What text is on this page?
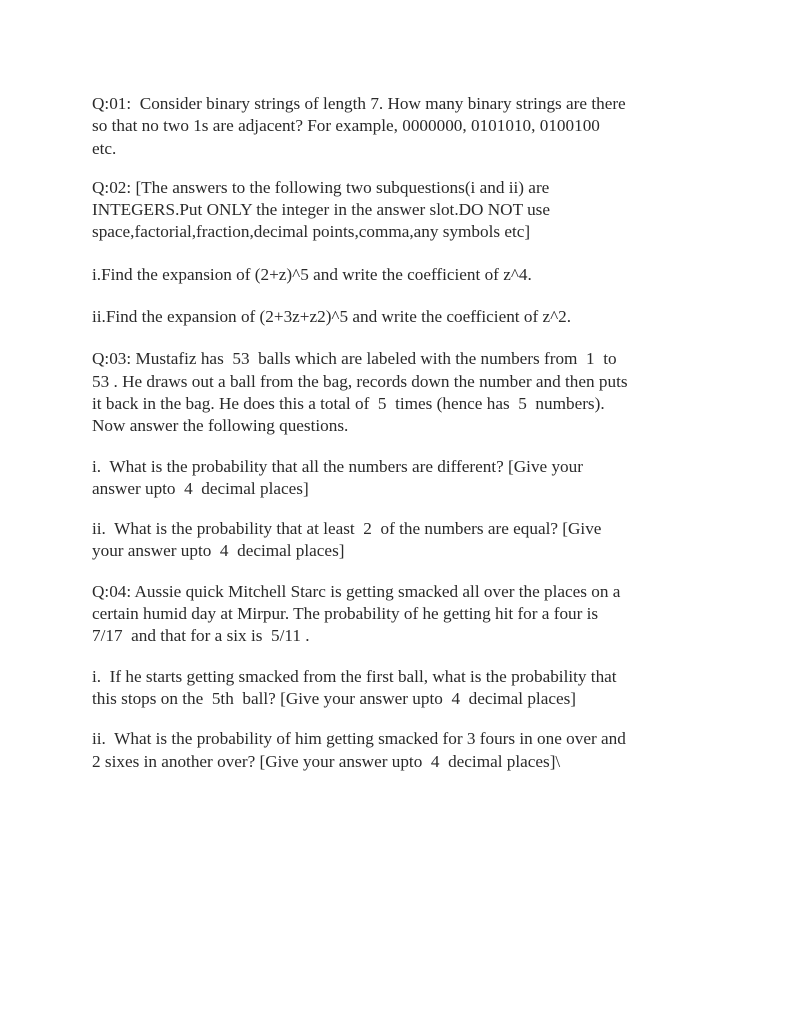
Q:01:  Consider binary strings of length 7. How many binary strings are there
so that no two 1s are adjacent? For example, 0000000, 0101010, 0100100
etc.
Q:02: [The answers to the following two subquestions(i and ii) are
INTEGERS.Put ONLY the integer in the answer slot.DO NOT use
space,factorial,fraction,decimal points,comma,any symbols etc]
i.Find the expansion of (2+z)^5 and write the coefficient of z^4.
ii.Find the expansion of (2+3z+z2)^5 and write the coefficient of z^2.
Q:03: Mustafiz has  53  balls which are labeled with the numbers from  1  to
53 . He draws out a ball from the bag, records down the number and then puts
it back in the bag. He does this a total of  5  times (hence has  5  numbers).
Now answer the following questions.
i.  What is the probability that all the numbers are different? [Give your
answer upto  4  decimal places]
ii.  What is the probability that at least  2  of the numbers are equal? [Give
your answer upto  4  decimal places]
Q:04: Aussie quick Mitchell Starc is getting smacked all over the places on a
certain humid day at Mirpur. The probability of he getting hit for a four is
7/17  and that for a six is  5/11 .
i.  If he starts getting smacked from the first ball, what is the probability that
this stops on the  5th  ball? [Give your answer upto  4  decimal places]
ii.  What is the probability of him getting smacked for 3 fours in one over and
2 sixes in another over? [Give your answer upto  4  decimal places]\
